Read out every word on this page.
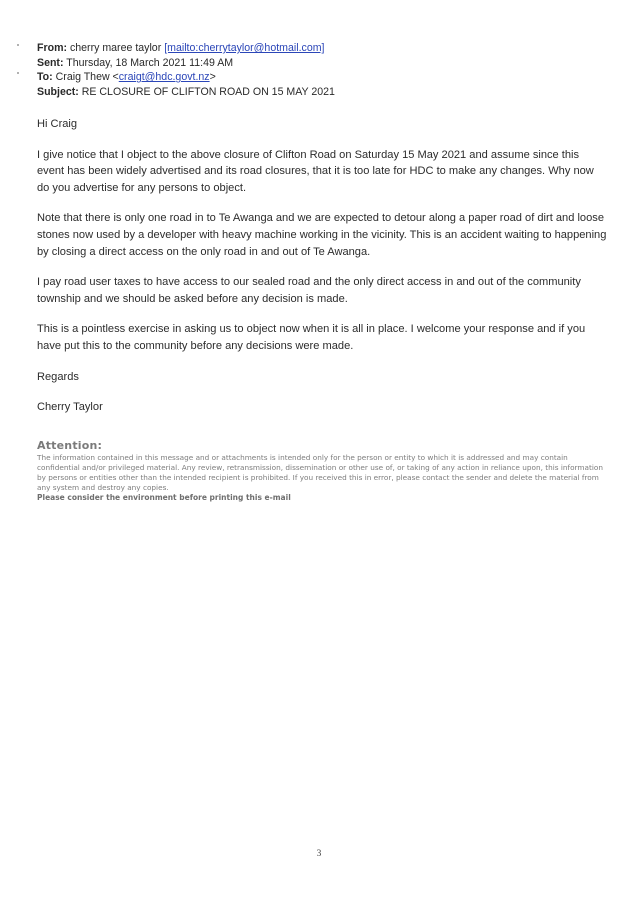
From: cherry maree taylor [mailto:cherrytaylor@hotmail.com]
Sent: Thursday, 18 March 2021 11:49 AM
To: Craig Thew <craigt@hdc.govt.nz>
Subject: RE CLOSURE OF CLIFTON ROAD ON 15 MAY 2021

Hi Craig

I give notice that I object to the above closure of Clifton Road on Saturday 15 May 2021 and assume since this event has been widely advertised and its road closures, that it is too late for HDC to make any changes. Why now do you advertise for any persons to object.

Note that there is only one road in to Te Awanga and we are expected to detour along a paper road of dirt and loose stones now used by a developer with heavy machine working in the vicinity. This is an accident waiting to happening by closing a direct access on the only road in and out of Te Awanga.

I pay road user taxes to have access to our sealed road and the only direct access in and out of the community township and we should be asked before any decision is made.

This is a pointless exercise in asking us to object now when it is all in place. I welcome your response and if you have put this to the community before any decisions were made.

Regards

Cherry Taylor

Attention:
The information contained in this message and or attachments is intended only for the person or entity to which it is addressed and may contain confidential and/or privileged material. Any review, retransmission, dissemination or other use of, or taking of any action in reliance upon, this information by persons or entities other than the intended recipient is prohibited. If you received this in error, please contact the sender and delete the material from any system and destroy any copies.
Please consider the environment before printing this e-mail
3
